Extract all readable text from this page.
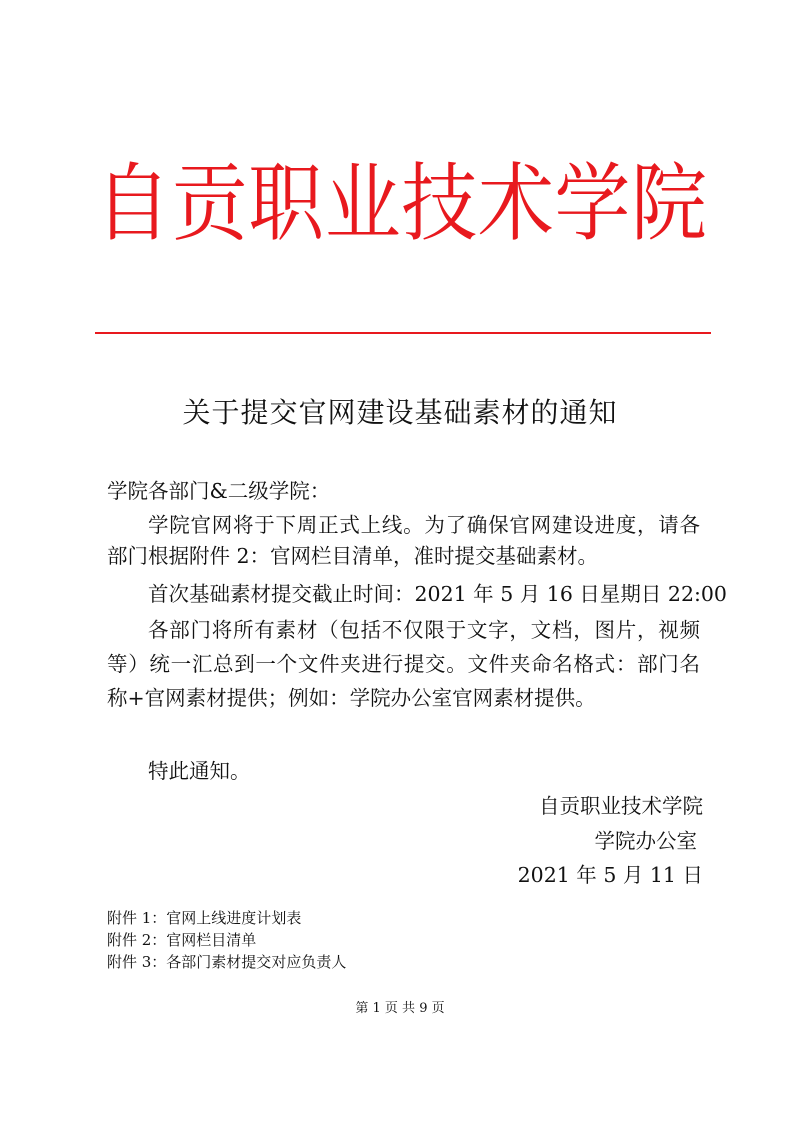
自 贡 职 业 技 术 学 院
关于提交官网建设基础素材的通知
学院各部门&二级学院：
学院官网将于下周正式上线。为了确保官网建设进度，请各
部门根据附件 2：官网栏目清单，准时提交基础素材。
首次基础素材提交截止时间：2021 年 5 月 16 日星期日 22:00
各部门将所有素材（包括不仅限于文字，文档，图片，视频
等）统一汇总到一个文件夹进行提交。文件夹命名格式：部门名
称+官网素材提供；例如：学院办公室官网素材提供。
特此通知。
自贡职业技术学院
学院办公室
2021 年 5 月 11 日
附件 1：官网上线进度计划表
附件 2：官网栏目清单
附件 3：各部门素材提交对应负责人
第 1 页 共 9 页
